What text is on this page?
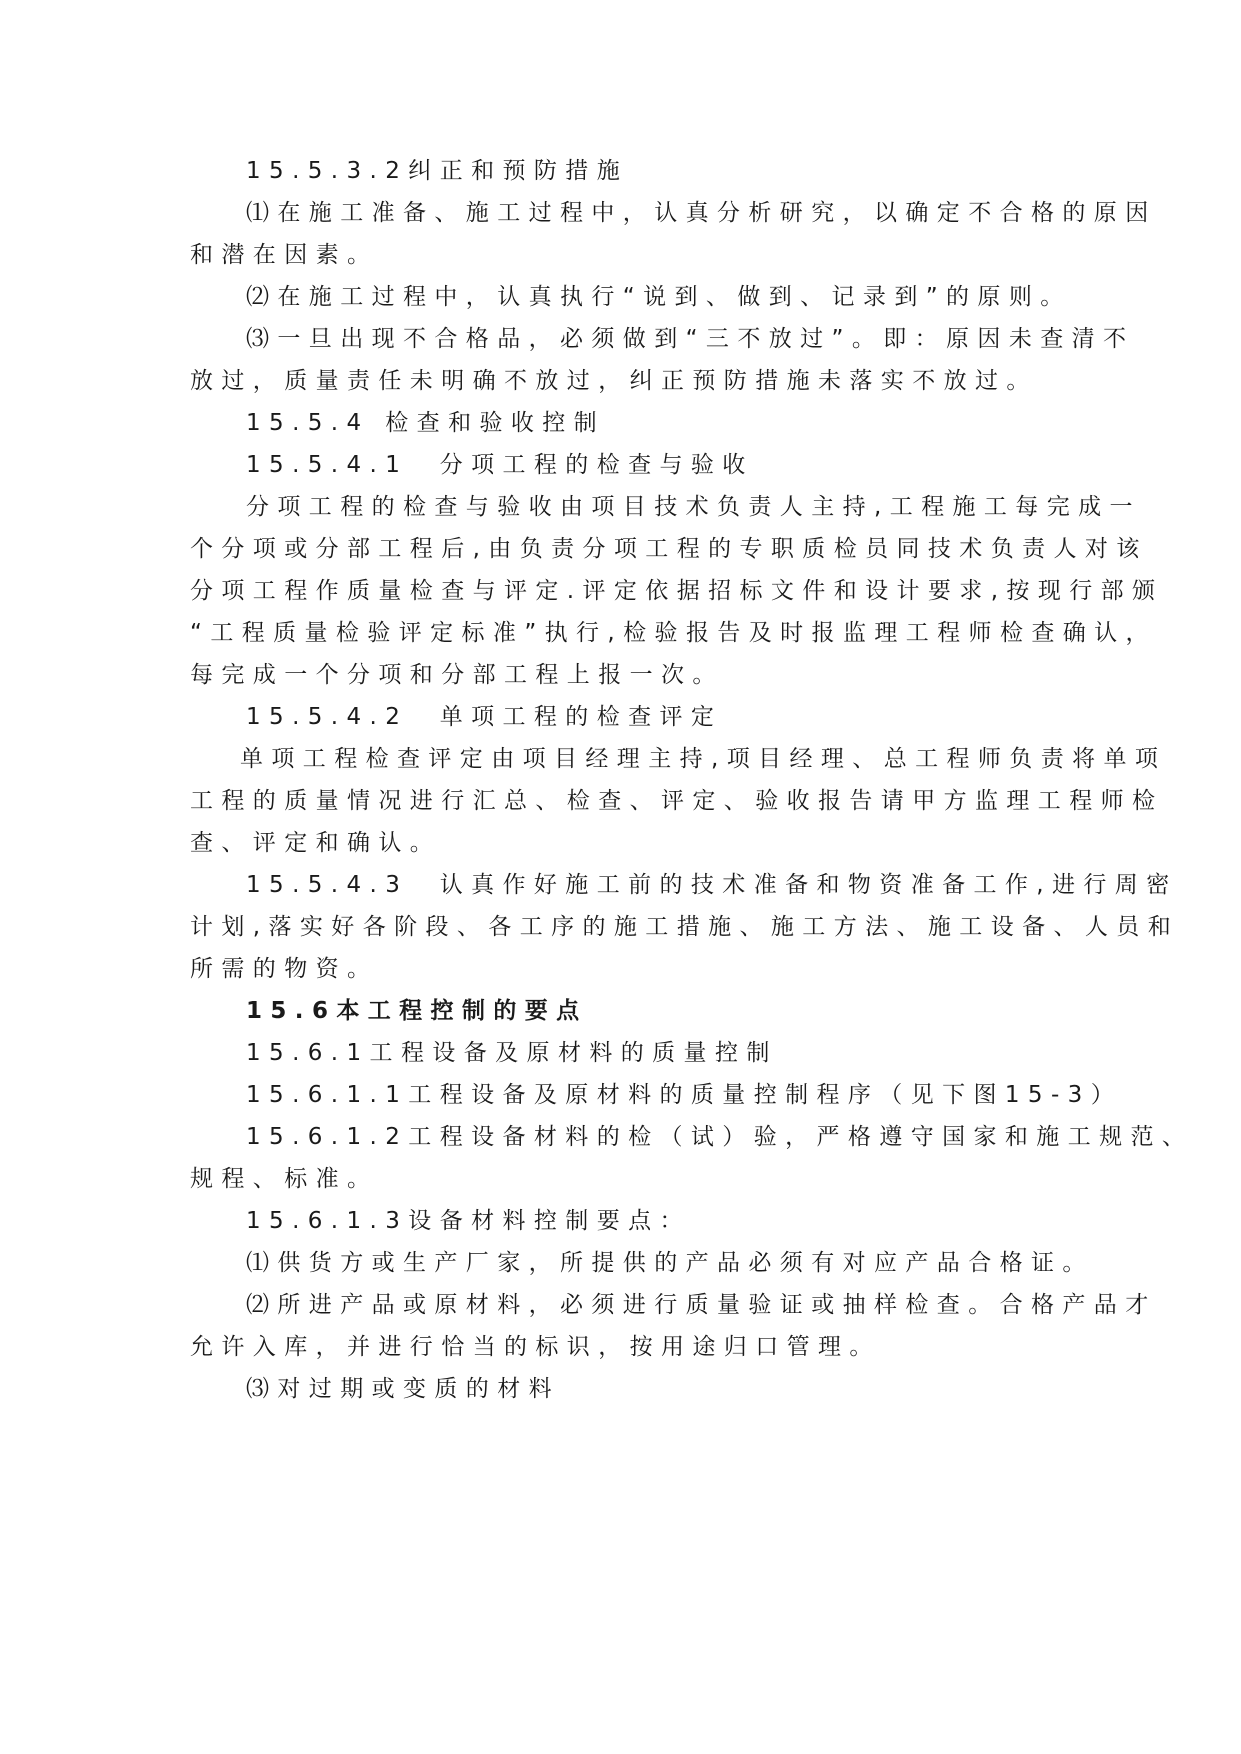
15.5.3.2纠正和预防措施
⑴在施工准备、施工过程中，认真分析研究，以确定不合格的原因
和潜在因素。
⑵在施工过程中，认真执行“说到、做到、记录到”的原则。
⑶一旦出现不合格品，必须做到“三不放过”。即：原因未查清不
放过，质量责任未明确不放过，纠正预防措施未落实不放过。
15.5.4 检查和验收控制
15.5.4.1　分项工程的检查与验收
分项工程的检查与验收由项目技术负责人主持,工程施工每完成一
个分项或分部工程后,由负责分项工程的专职质检员同技术负责人对该
分项工程作质量检查与评定.评定依据招标文件和设计要求,按现行部颁
“工程质量检验评定标准”执行,检验报告及时报监理工程师检查确认，
每完成一个分项和分部工程上报一次。
15.5.4.2　单项工程的检查评定
单项工程检查评定由项目经理主持,项目经理、总工程师负责将单项
工程的质量情况进行汇总、检查、评定、验收报告请甲方监理工程师检
查、评定和确认。
15.5.4.3　认真作好施工前的技术准备和物资准备工作,进行周密
计划,落实好各阶段、各工序的施工措施、施工方法、施工设备、人员和
所需的物资。
15.6本工程控制的要点
15.6.1工程设备及原材料的质量控制
15.6.1.1工程设备及原材料的质量控制程序（见下图15-3）
15.6.1.2工程设备材料的检（试）验，严格遵守国家和施工规范、
规程、标准。
15.6.1.3设备材料控制要点：
⑴供货方或生产厂家，所提供的产品必须有对应产品合格证。
⑵所进产品或原材料，必须进行质量验证或抽样检查。合格产品才
允许入库，并进行恰当的标识，按用途归口管理。
⑶对过期或变质的材料
